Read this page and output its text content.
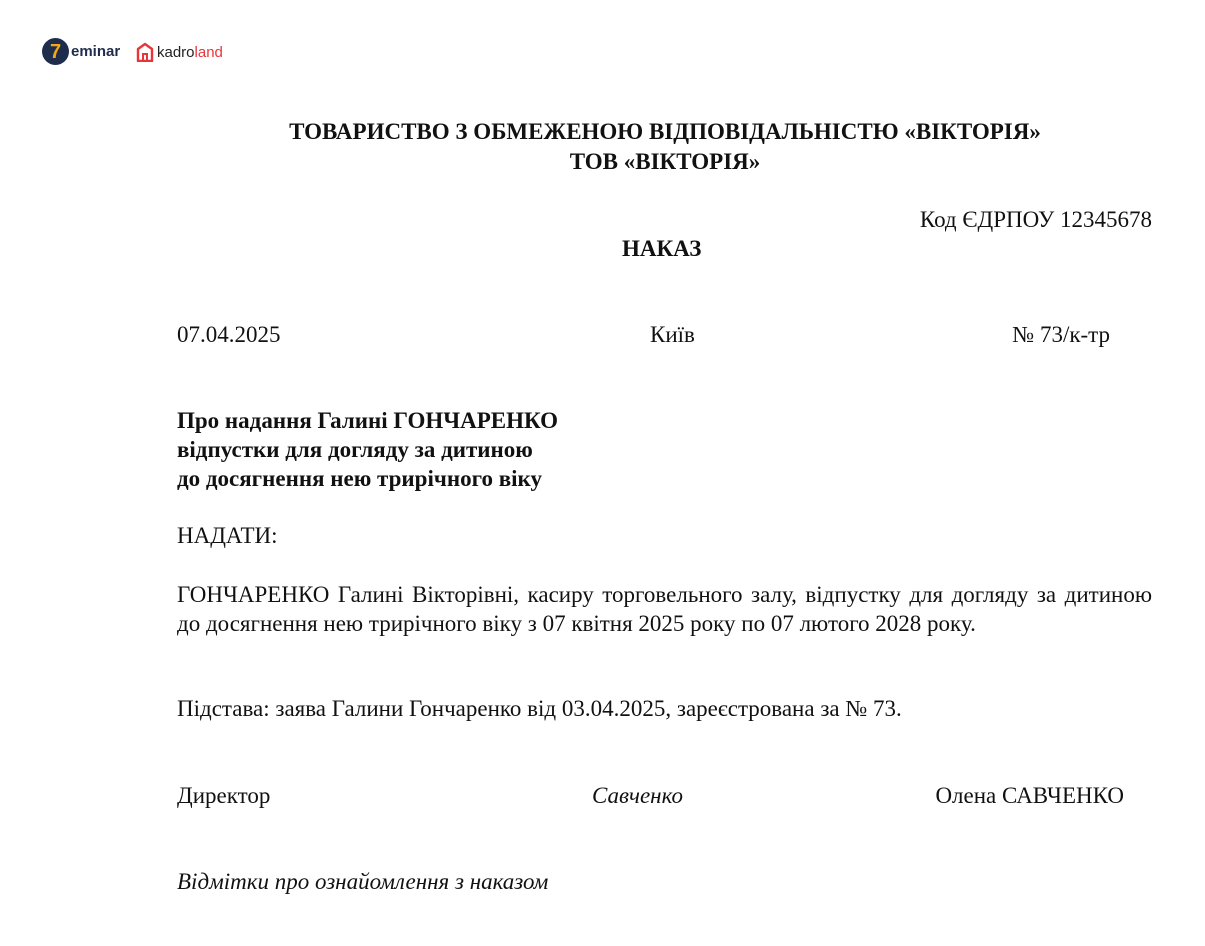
7 eminar kadroland
ТОВАРИСТВО З ОБМЕЖЕНОЮ ВІДПОВІДАЛЬНІСТЮ «ВІКТОРІЯ»
ТОВ «ВІКТОРІЯ»
Код ЄДРПОУ 12345678
НАКАЗ
07.04.2025	Київ	№ 73/к-тр
Про надання Галині ГОНЧАРЕНКО
відпустки для догляду за дитиною
до досягнення нею трирічного віку
НАДАТИ:
ГОНЧАРЕНКО Галині Вікторівні, касиру торговельного залу, відпустку для догляду за дитиною до досягнення нею трирічного віку з 07 квітня 2025 року по 07 лютого 2028 року.
Підстава: заява Галини Гончаренко від 03.04.2025, зареєстрована за № 73.
Директор	Савченко	Олена САВЧЕНКО
Відмітки про ознайомлення з наказом
